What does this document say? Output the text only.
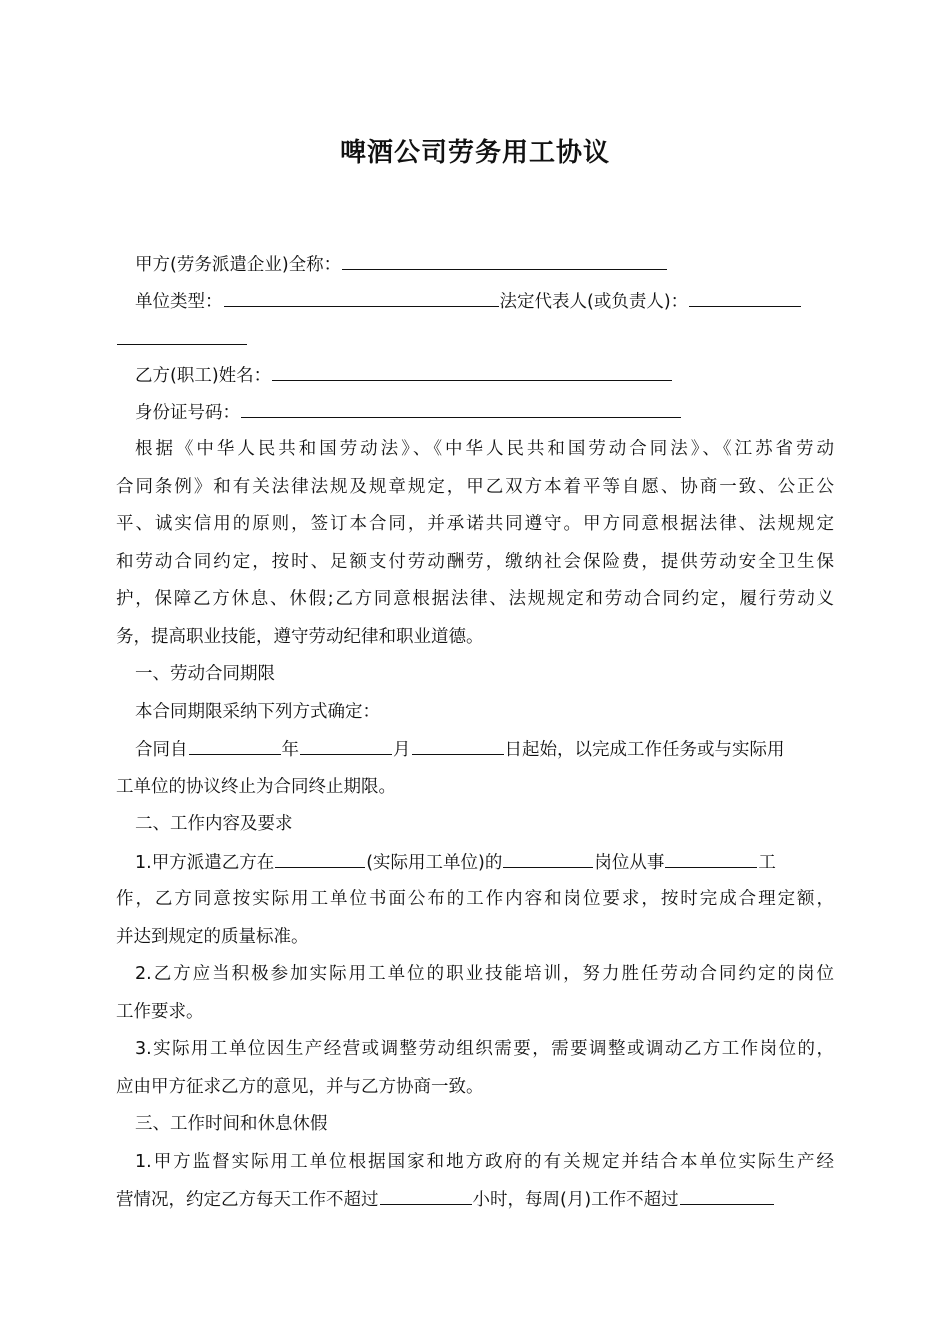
啤酒公司劳务用工协议
甲方(劳务派遣企业)全称：
单位类型：	法定代表人(或负责人)：
乙方(职工)姓名：
身份证号码：
根据《中华人民共和国劳动法》、《中华人民共和国劳动合同法》、《江苏省劳动
合同条例》和有关法律法规及规章规定，甲乙双方本着平等自愿、协商一致、公正公
平、诚实信用的原则，签订本合同，并承诺共同遵守。甲方同意根据法律、法规规定
和劳动合同约定，按时、足额支付劳动酬劳，缴纳社会保险费，提供劳动安全卫生保
护，保障乙方休息、休假;乙方同意根据法律、法规规定和劳动合同约定，履行劳动义
务，提高职业技能，遵守劳动纪律和职业道德。
一、劳动合同期限
本合同期限采纳下列方式确定：
合同自	年	月	日起始，以完成工作任务或与实际用
工单位的协议终止为合同终止期限。
二、工作内容及要求
1.甲方派遣乙方在	(实际用工单位)的	岗位从事	工
作，乙方同意按实际用工单位书面公布的工作内容和岗位要求，按时完成合理定额，
并达到规定的质量标准。
2.乙方应当积极参加实际用工单位的职业技能培训，努力胜任劳动合同约定的岗位
工作要求。
3.实际用工单位因生产经营或调整劳动组织需要，需要调整或调动乙方工作岗位的，
应由甲方征求乙方的意见，并与乙方协商一致。
三、工作时间和休息休假
1.甲方监督实际用工单位根据国家和地方政府的有关规定并结合本单位实际生产经
营情况，约定乙方每天工作不超过	小时，每周(月)工作不超过
